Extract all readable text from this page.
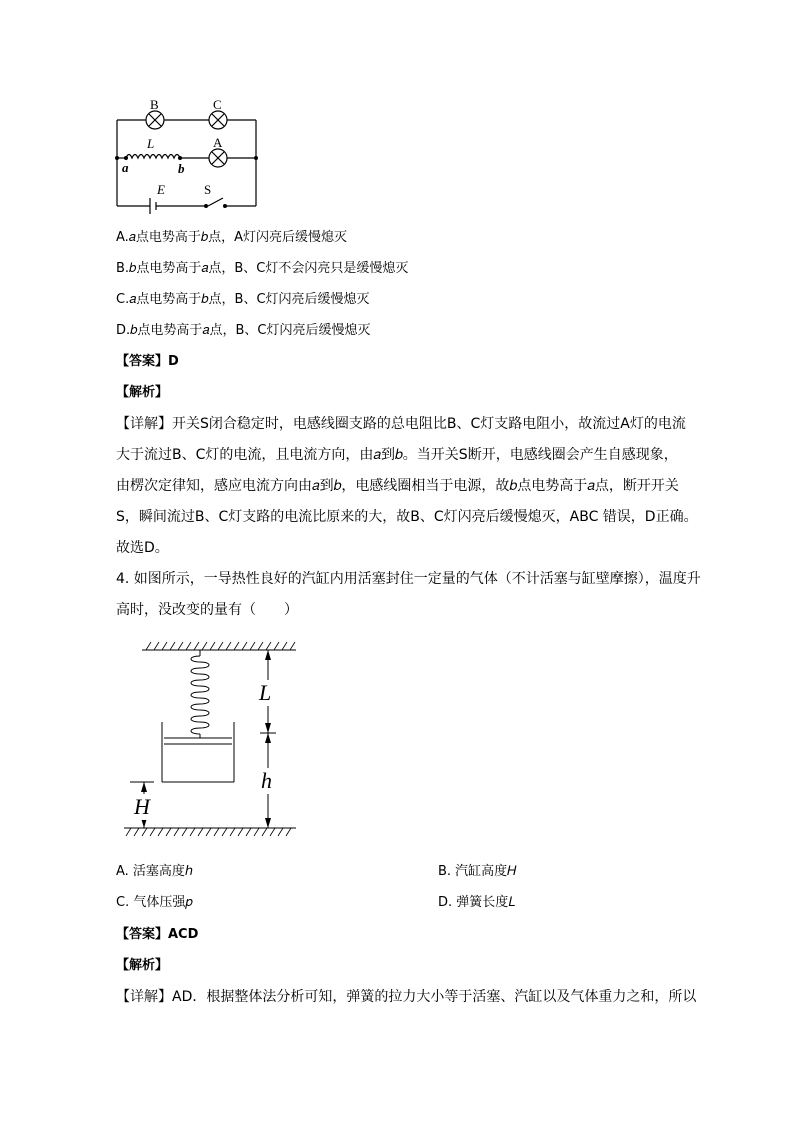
B	C
L	A
a	b
E	S
A.𝑎点电势高于𝑏点，A灯闪亮后缓慢熄灭
B.𝑏点电势高于𝑎点，B、C灯不会闪亮只是缓慢熄灭
C.𝑎点电势高于𝑏点，B、C灯闪亮后缓慢熄灭
D.𝑏点电势高于𝑎点，B、C灯闪亮后缓慢熄灭
【答案】D
【解析】
【详解】开关S闭合稳定时，电感线圈支路的总电阻比B、C灯支路电阻小，故流过A灯的电流
大于流过B、C灯的电流，且电流方向，由𝑎到𝑏。当开关S断开，电感线圈会产生自感现象，
由楞次定律知，感应电流方向由𝑎到𝑏，电感线圈相当于电源，故𝑏点电势高于𝑎点，断开开关
S，瞬间流过B、C灯支路的电流比原来的大，故B、C灯闪亮后缓慢熄灭，ABC 错误，D正确。
故选D。
4. 如图所示，一导热性良好的汽缸内用活塞封住一定量的气体（不计活塞与缸壁摩擦），温度升
高时，没改变的量有（　　）
L
h
H
A. 活塞高度ℎ	B. 汽缸高度𝐻
C. 气体压强𝑝	D. 弹簧长度𝐿
【答案】ACD
【解析】
【详解】AD．根据整体法分析可知，弹簧的拉力大小等于活塞、汽缸以及气体重力之和，所以
